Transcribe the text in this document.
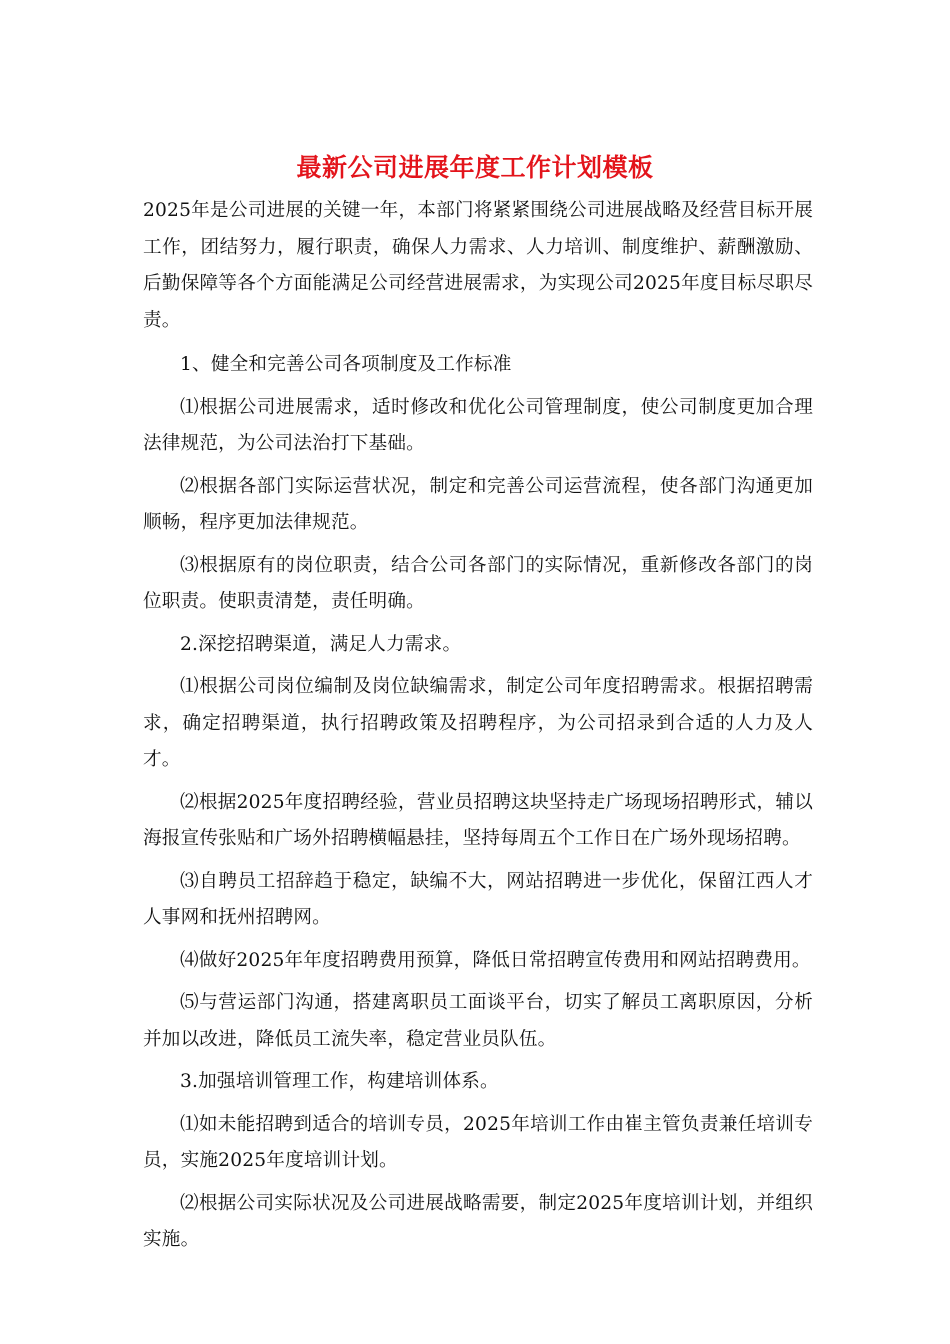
最新公司进展年度工作计划模板

2025年是公司进展的关键一年，本部门将紧紧围绕公司进展战略及经营目标开展工作，团结努力，履行职责，确保人力需求、人力培训、制度维护、薪酬激励、后勤保障等各个方面能满足公司经营进展需求，为实现公司2025年度目标尽职尽责。

1、健全和完善公司各项制度及工作标准

⑴根据公司进展需求，适时修改和优化公司管理制度，使公司制度更加合理法律规范，为公司法治打下基础。

⑵根据各部门实际运营状况，制定和完善公司运营流程，使各部门沟通更加顺畅，程序更加法律规范。

⑶根据原有的岗位职责，结合公司各部门的实际情况，重新修改各部门的岗位职责。使职责清楚，责任明确。

2.深挖招聘渠道，满足人力需求。

⑴根据公司岗位编制及岗位缺编需求，制定公司年度招聘需求。根据招聘需求，确定招聘渠道，执行招聘政策及招聘程序，为公司招录到合适的人力及人才。

⑵根据2025年度招聘经验，营业员招聘这块坚持走广场现场招聘形式，辅以海报宣传张贴和广场外招聘横幅悬挂，坚持每周五个工作日在广场外现场招聘。

⑶自聘员工招辞趋于稳定，缺编不大，网站招聘进一步优化，保留江西人才人事网和抚州招聘网。

⑷做好2025年年度招聘费用预算，降低日常招聘宣传费用和网站招聘费用。

⑸与营运部门沟通，搭建离职员工面谈平台，切实了解员工离职原因，分析并加以改进，降低员工流失率，稳定营业员队伍。

3.加强培训管理工作，构建培训体系。

⑴如未能招聘到适合的培训专员，2025年培训工作由崔主管负责兼任培训专员，实施2025年度培训计划。

⑵根据公司实际状况及公司进展战略需要，制定2025年度培训计划，并组织实施。
